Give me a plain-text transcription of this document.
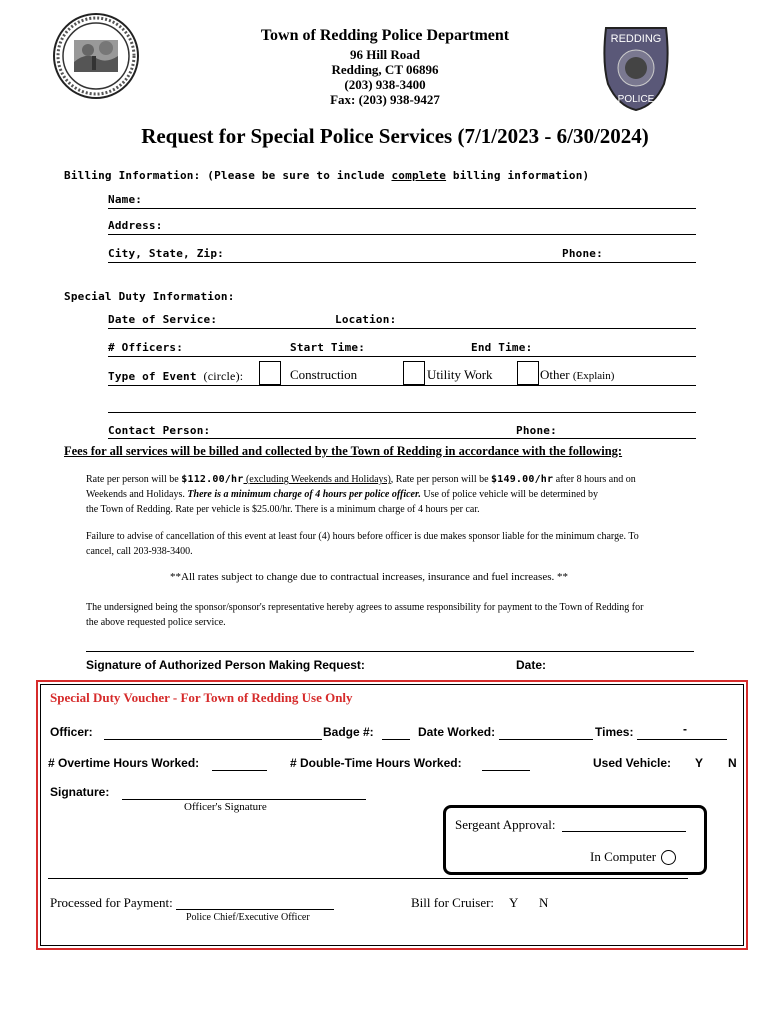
REDDING
POLICE
Town of Redding Police Department
96 Hill Road
Redding, CT 06896
(203) 938-3400
Fax: (203) 938-9427
Request for Special Police Services (7/1/2023 - 6/30/2024)
Billing Information: (Please be sure to include complete billing information)
Name:
Address:
City, State, Zip:	Phone:
Special Duty Information:
Date of Service:	Location:
# Officers:	Start Time:	End Time:
Type of Event (circle):	Construction	Utility Work	Other (Explain)
Contact Person:	Phone:
Fees for all services will be billed and collected by the Town of Redding in accordance with the following:
Rate per person will be $112.00/hr (excluding Weekends and Holidays), Rate per person will be $149.00/hr after 8 hours and on
Weekends and Holidays. There is a minimum charge of 4 hours per police officer. Use of police vehicle will be determined by
the Town of Redding. Rate per vehicle is $25.00/hr. There is a minimum charge of 4 hours per car.
Failure to advise of cancellation of this event at least four (4) hours before officer is due makes sponsor liable for the minimum charge. To
cancel, call 203-938-3400.
**All rates subject to change due to contractual increases, insurance and fuel increases. **
The undersigned being the sponsor/sponsor's representative hereby agrees to assume responsibility for payment to the Town of Redding for
the above requested police service.
Signature of Authorized Person Making Request:	Date:
Special Duty Voucher - For Town of Redding Use Only
Officer:	Badge #:	Date Worked:	Times:	-
# Overtime Hours Worked:	# Double-Time Hours Worked:	Used Vehicle: Y N
Signature:
Officer's Signature
Sergeant Approval:
In Computer
Processed for Payment:
Police Chief/Executive Officer
Bill for Cruiser: Y N
